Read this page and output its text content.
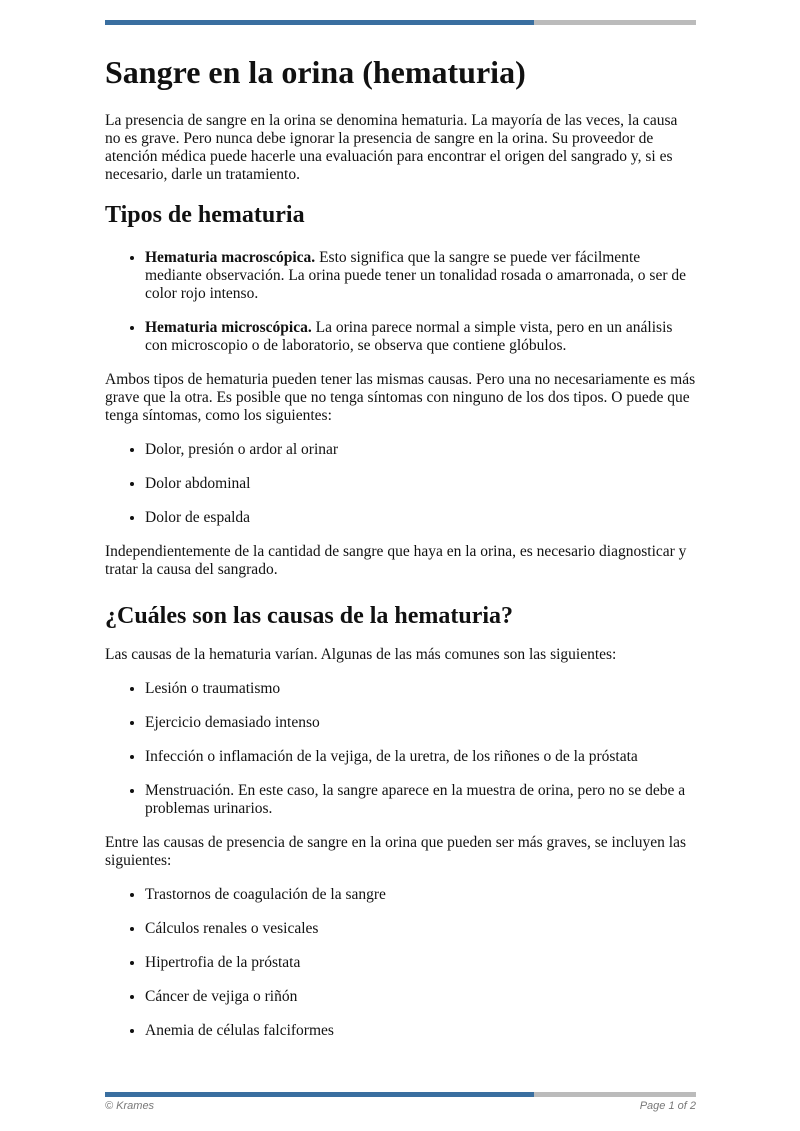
Sangre en la orina (hematuria)

La presencia de sangre en la orina se denomina hematuria. La mayoría de las veces, la causa no es grave. Pero nunca debe ignorar la presencia de sangre en la orina. Su proveedor de atención médica puede hacerle una evaluación para encontrar el origen del sangrado y, si es necesario, darle un tratamiento.

Tipos de hematuria
• Hematuria macroscópica. Esto significa que la sangre se puede ver fácilmente mediante observación. La orina puede tener un tonalidad rosada o amarronada, o ser de color rojo intenso.
• Hematuria microscópica. La orina parece normal a simple vista, pero en un análisis con microscopio o de laboratorio, se observa que contiene glóbulos.

Ambos tipos de hematuria pueden tener las mismas causas. Pero una no necesariamente es más grave que la otra. Es posible que no tenga síntomas con ninguno de los dos tipos. O puede que tenga síntomas, como los siguientes:

• Dolor, presión o ardor al orinar
• Dolor abdominal
• Dolor de espalda

Independientemente de la cantidad de sangre que haya en la orina, es necesario diagnosticar y tratar la causa del sangrado.

¿Cuáles son las causas de la hematuria?

Las causas de la hematuria varían. Algunas de las más comunes son las siguientes:

• Lesión o traumatismo
• Ejercicio demasiado intenso
• Infección o inflamación de la vejiga, de la uretra, de los riñones o de la próstata
• Menstruación. En este caso, la sangre aparece en la muestra de orina, pero no se debe a problemas urinarios.

Entre las causas de presencia de sangre en la orina que pueden ser más graves, se incluyen las siguientes:

• Trastornos de coagulación de la sangre
• Cálculos renales o vesicales
• Hipertrofia de la próstata
• Cáncer de vejiga o riñón
• Anemia de células falciformes
© Krames	Page 1 of 2
